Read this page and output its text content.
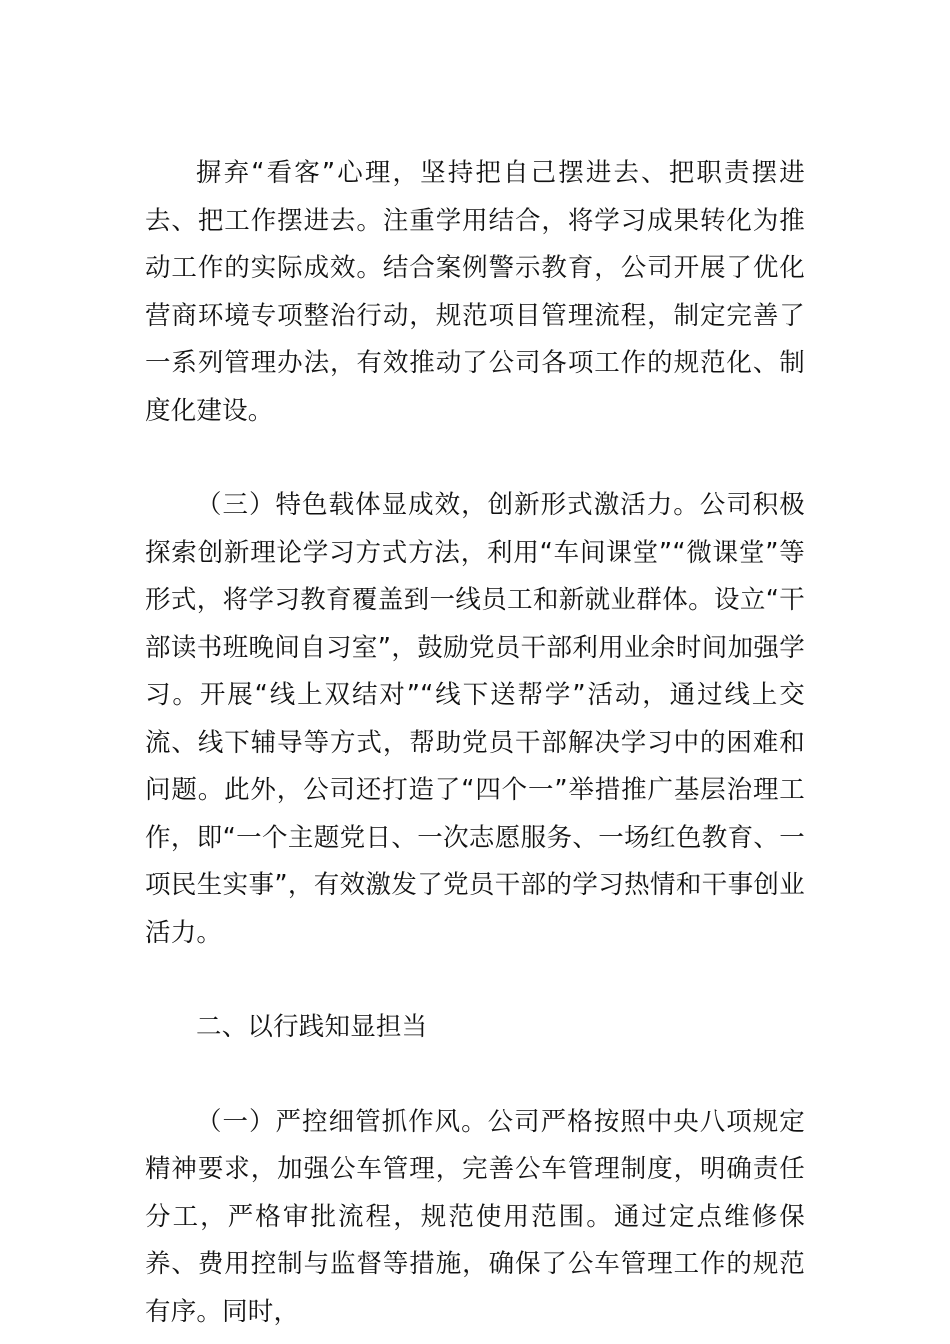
摒弃“看客”心理，坚持把自己摆进去、把职责摆进去、把工作摆进去。注重学用结合，将学习成果转化为推动工作的实际成效。结合案例警示教育，公司开展了优化营商环境专项整治行动，规范项目管理流程，制定完善了一系列管理办法，有效推动了公司各项工作的规范化、制度化建设。

（三）特色载体显成效，创新形式激活力。公司积极探索创新理论学习方式方法，利用“车间课堂”“微课堂”等形式，将学习教育覆盖到一线员工和新就业群体。设立“干部读书班晚间自习室”，鼓励党员干部利用业余时间加强学习。开展“线上双结对”“线下送帮学”活动，通过线上交流、线下辅导等方式，帮助党员干部解决学习中的困难和问题。此外，公司还打造了“四个一”举措推广基层治理工作，即“一个主题党日、一次志愿服务、一场红色教育、一项民生实事”，有效激发了党员干部的学习热情和干事创业活力。

二、以行践知显担当

（一）严控细管抓作风。公司严格按照中央八项规定精神要求，加强公车管理，完善公车管理制度，明确责任分工，严格审批流程，规范使用范围。通过定点维修保养、费用控制与监督等措施，确保了公车管理工作的规范有序。同时，
